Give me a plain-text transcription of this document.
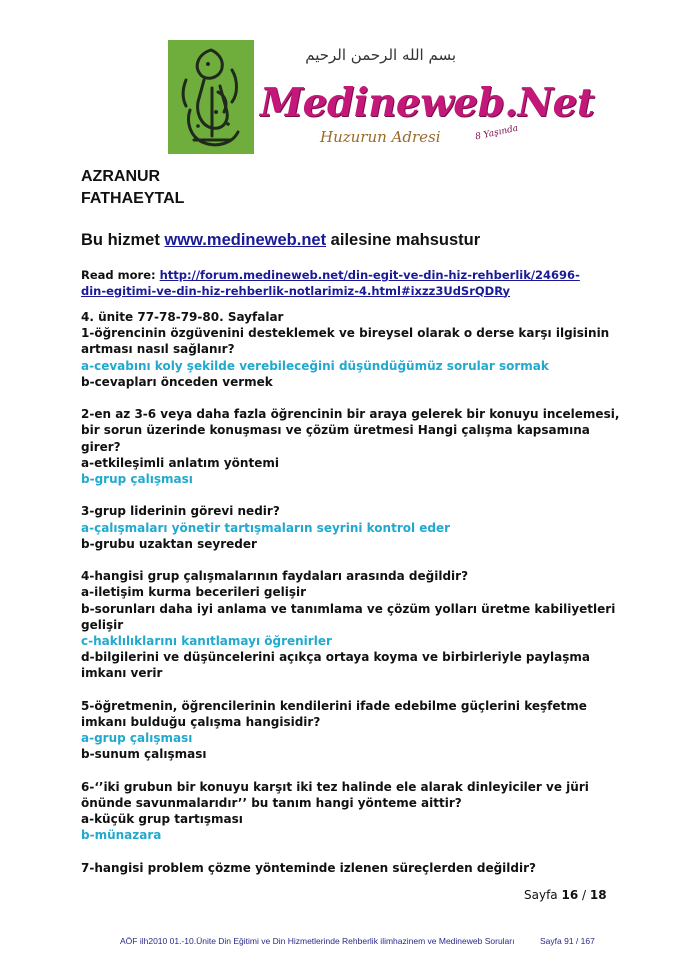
بسم الله الرحمن الرحيم
Medineweb.Net
Huzurun Adresi	8 Yaşında
AZRANUR
FATHAEYTAL
Bu hizmet www.medineweb.net ailesine mahsustur
Read more: http://forum.medineweb.net/din-egit-ve-din-hiz-rehberlik/24696-
din-egitimi-ve-din-hiz-rehberlik-notlarimiz-4.html#ixzz3UdSrQDRy
4. ünite 77-78-79-80. Sayfalar
1-öğrencinin özgüvenini desteklemek ve bireysel olarak o derse karşı ilgisinin
artması nasıl sağlanır?
a-cevabını koly şekilde verebileceğini düşündüğümüz sorular sormak
b-cevapları önceden vermek
2-en az 3-6 veya daha fazla öğrencinin bir araya gelerek bir konuyu incelemesi,
bir sorun üzerinde konuşması ve çözüm üretmesi Hangi çalışma kapsamına
girer?
a-etkileşimli anlatım yöntemi
b-grup çalışması
3-grup liderinin görevi nedir?
a-çalışmaları yönetir tartışmaların seyrini kontrol eder
b-grubu uzaktan seyreder
4-hangisi grup çalışmalarının faydaları arasında değildir?
a-iletişim kurma becerileri gelişir
b-sorunları daha iyi anlama ve tanımlama ve çözüm yolları üretme kabiliyetleri
gelişir
c-haklılıklarını kanıtlamayı öğrenirler
d-bilgilerini ve düşüncelerini açıkça ortaya koyma ve birbirleriyle paylaşma
imkanı verir
5-öğretmenin, öğrencilerinin kendilerini ifade edebilme güçlerini keşfetme
imkanı bulduğu çalışma hangisidir?
a-grup çalışması
b-sunum çalışması
6-‘’iki grubun bir konuyu karşıt iki tez halinde ele alarak dinleyiciler ve jüri
önünde savunmalarıdır’’ bu tanım hangi yönteme aittir?
a-küçük grup tartışması
b-münazara
7-hangisi problem çözme yönteminde izlenen süreçlerden değildir?
Sayfa 16 / 18
AÖF ilh2010 01.-10.Ünite Din Eğitimi ve Din Hizmetlerinde Rehberlik ilimhazinem ve Medineweb Soruları	Sayfa 91 / 167
